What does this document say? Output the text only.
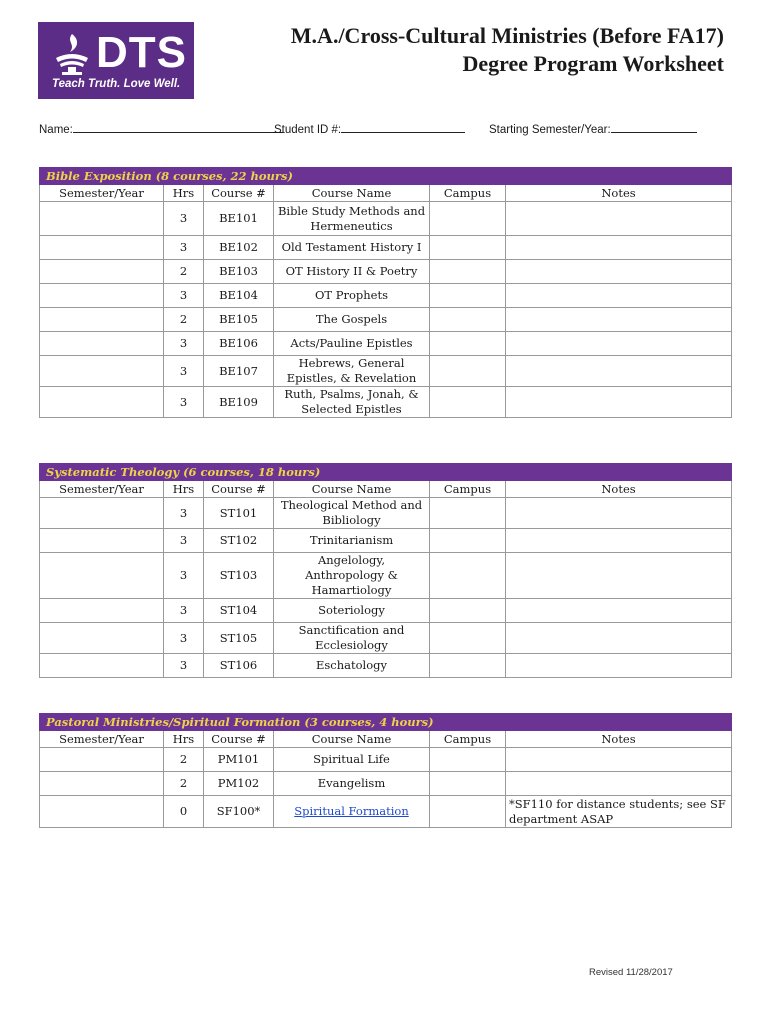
DTS
Teach Truth. Love Well.
M.A./Cross-Cultural Ministries (Before FA17)
Degree Program Worksheet
Name:	Student ID #:	Starting Semester/Year:
Bible Exposition (8 courses, 22 hours)					
Semester/Year	Hrs	Course #	Course Name	Campus	Notes
	3	BE101	Bible Study Methods and Hermeneutics		
	3	BE102	Old Testament History I		
	2	BE103	OT History II & Poetry		
	3	BE104	OT Prophets		
	2	BE105	The Gospels		
	3	BE106	Acts/Pauline Epistles		
	3	BE107	Hebrews, General Epistles, & Revelation		
	3	BE109	Ruth, Psalms, Jonah, & Selected Epistles		
Systematic Theology (6 courses, 18 hours)					
Semester/Year	Hrs	Course #	Course Name	Campus	Notes
	3	ST101	Theological Method and Bibliology		
	3	ST102	Trinitarianism		
	3	ST103	Angelology, Anthropology & Hamartiology		
	3	ST104	Soteriology		
	3	ST105	Sanctification and Ecclesiology		
	3	ST106	Eschatology		
Pastoral Ministries/Spiritual Formation (3 courses, 4 hours)					
Semester/Year	Hrs	Course #	Course Name	Campus	Notes
	2	PM101	Spiritual Life		
	2	PM102	Evangelism		
	0	SF100*	Spiritual Formation		*SF110 for distance students; see SF department ASAP
Revised 11/28/2017
